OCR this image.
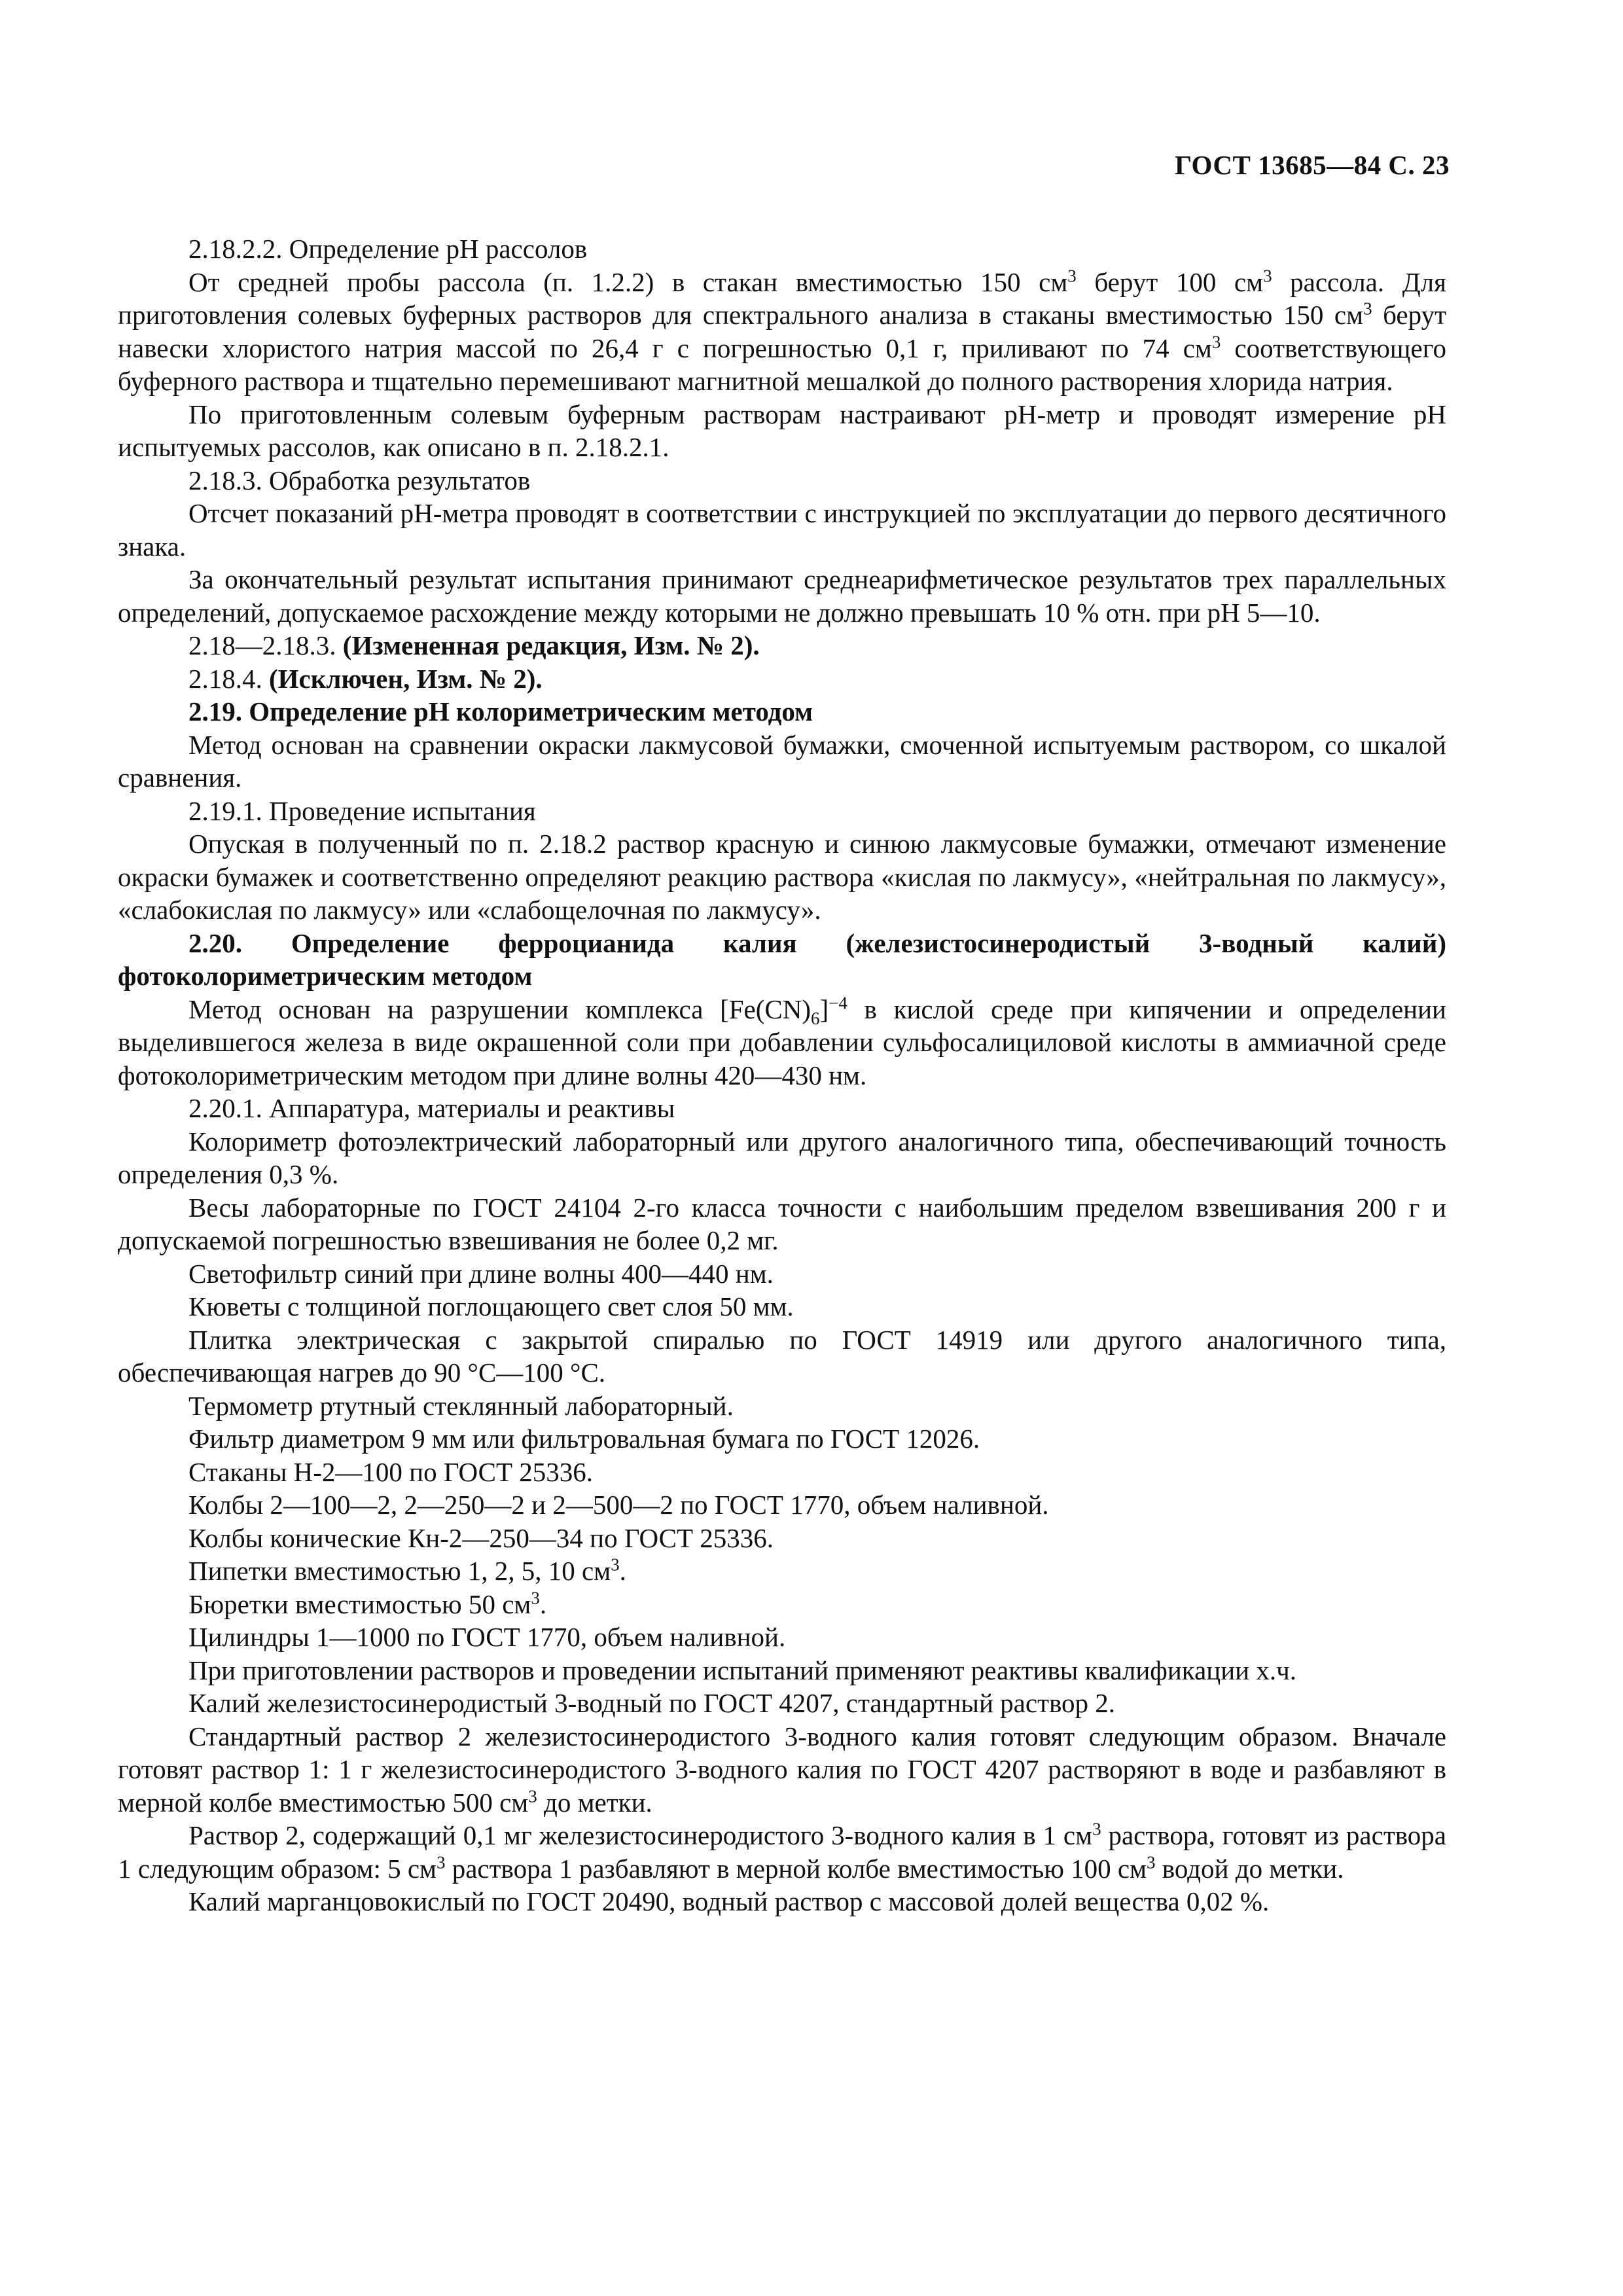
ГОСТ 13685—84 С. 23

2.18.2.2. Определение рН рассолов

От средней пробы рассола (п. 1.2.2) в стакан вместимостью 150 $см^3$ берут 100 $см^3$ рассола. Для приготовления солевых буферных растворов для спектрального анализа в стаканы вместимостью 150 $см^3$ берут навески хлористого натрия массой по 26,4 г с погрешностью 0,1 г, приливают по 74 $см^3$ соответствующего буферного раствора и тщательно перемешивают магнитной мешалкой до полного растворения хлорида натрия.

По приготовленным солевым буферным растворам настраивают рН-метр и проводят измерение рН испытуемых рассолов, как описано в п. 2.18.2.1.

2.18.3. Обработка результатов

Отсчет показаний рН-метра проводят в соответствии с инструкцией по эксплуатации до первого десятичного знака.

За окончательный результат испытания принимают среднеарифметическое результатов трех параллельных определений, допускаемое расхождение между которыми не должно превышать 10 % отн. при рН 5—10.

2.18—2.18.3. (Измененная редакция, Изм. № 2).

2.18.4. (Исключен, Изм. № 2).

2.19. Определение рН колориметрическим методом

Метод основан на сравнении окраски лакмусовой бумажки, смоченной испытуемым раствором, со шкалой сравнения.

2.19.1. Проведение испытания

Опуская в полученный по п. 2.18.2 раствор красную и синюю лакмусовые бумажки, отмечают изменение окраски бумажек и соответственно определяют реакцию раствора «кислая по лакмусу», «нейтральная по лакмусу», «слабокислая по лакмусу» или «слабощелочная по лакмусу».

2.20. Определение ферроцианида калия (железистосинеродистый 3-водный калий) фотоколориметрическим методом

Метод основан на разрушении комплекса $[Fe(CN)_6]^{-4}$ в кислой среде при кипячении и определении выделившегося железа в виде окрашенной соли при добавлении сульфосалициловой кислоты в аммиачной среде фотоколориметрическим методом при длине волны 420—430 нм.

2.20.1. Аппаратура, материалы и реактивы

Колориметр фотоэлектрический лабораторный или другого аналогичного типа, обеспечивающий точность определения 0,3 %.

Весы лабораторные по ГОСТ 24104 2-го класса точности с наибольшим пределом взвешивания 200 г и допускаемой погрешностью взвешивания не более 0,2 мг.

Светофильтр синий при длине волны 400—440 нм.

Кюветы с толщиной поглощающего свет слоя 50 мм.

Плитка электрическая с закрытой спиралью по ГОСТ 14919 или другого аналогичного типа, обеспечивающая нагрев до 90 °С—100 °С.

Термометр ртутный стеклянный лабораторный.

Фильтр диаметром 9 мм или фильтровальная бумага по ГОСТ 12026.

Стаканы Н-2—100 по ГОСТ 25336.

Колбы 2—100—2, 2—250—2 и 2—500—2 по ГОСТ 1770, объем наливной.

Колбы конические Кн-2—250—34 по ГОСТ 25336.

Пипетки вместимостью 1, 2, 5, 10 $см^3$.

Бюретки вместимостью 50 $см^3$.

Цилиндры 1—1000 по ГОСТ 1770, объем наливной.

При приготовлении растворов и проведении испытаний применяют реактивы квалификации х.ч.

Калий железистосинеродистый 3-водный по ГОСТ 4207, стандартный раствор 2.

Стандартный раствор 2 железистосинеродистого 3-водного калия готовят следующим образом. Вначале готовят раствор 1: 1 г железистосинеродистого 3-водного калия по ГОСТ 4207 растворяют в воде и разбавляют в мерной колбе вместимостью 500 $см^3$ до метки.

Раствор 2, содержащий 0,1 мг железистосинеродистого 3-водного калия в 1 $см^3$ раствора, готовят из раствора 1 следующим образом: 5 $см^3$ раствора 1 разбавляют в мерной колбе вместимостью 100 $см^3$ водой до метки.

Калий марганцовокислый по ГОСТ 20490, водный раствор с массовой долей вещества 0,02 %.
